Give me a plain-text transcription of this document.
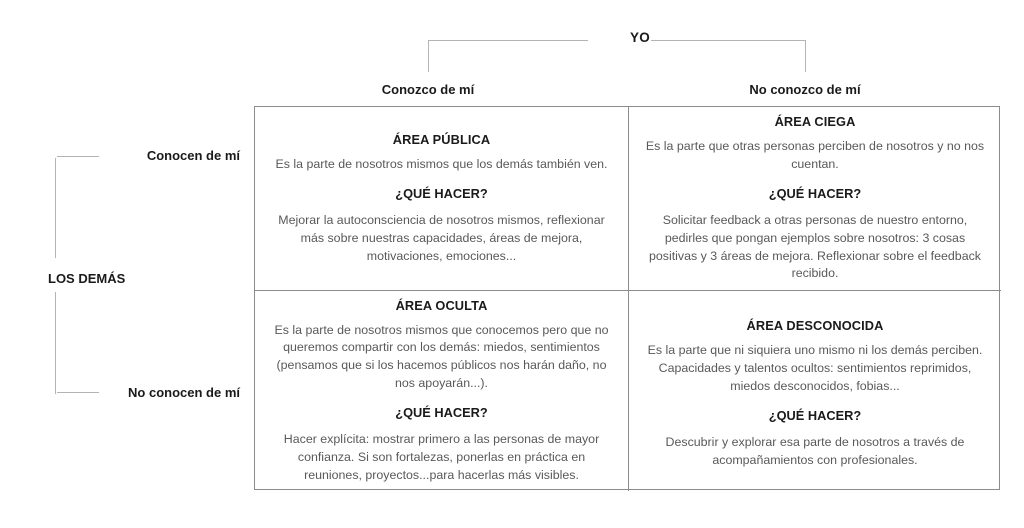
YO
Conozco de mí	No conozco de mí
LOS DEMÁS
Conocen de mí
No conocen de mí
ÁREA PÚBLICA
Es la parte de nosotros mismos que los demás también ven.
¿QUÉ HACER?
Mejorar la autoconsciencia de nosotros mismos, reflexionar más sobre nuestras capacidades, áreas de mejora, motivaciones, emociones...
ÁREA CIEGA
Es la parte que otras personas perciben de nosotros y no nos cuentan.
¿QUÉ HACER?
Solicitar feedback a otras personas de nuestro entorno, pedirles que pongan ejemplos sobre nosotros: 3 cosas positivas y 3 áreas de mejora. Reflexionar sobre el feedback recibido.
ÁREA OCULTA
Es la parte de nosotros mismos que conocemos pero que no queremos compartir con los demás: miedos, sentimientos (pensamos que si los hacemos públicos nos harán daño, no nos apoyarán...).
¿QUÉ HACER?
Hacer explícita: mostrar primero a las personas de mayor confianza. Si son fortalezas, ponerlas en práctica en reuniones, proyectos...para hacerlas más visibles.
ÁREA DESCONOCIDA
Es la parte que ni siquiera uno mismo ni los demás perciben. Capacidades y talentos ocultos: sentimientos reprimidos, miedos desconocidos, fobias...
¿QUÉ HACER?
Descubrir y explorar esa parte de nosotros a través de acompañamientos con profesionales.
